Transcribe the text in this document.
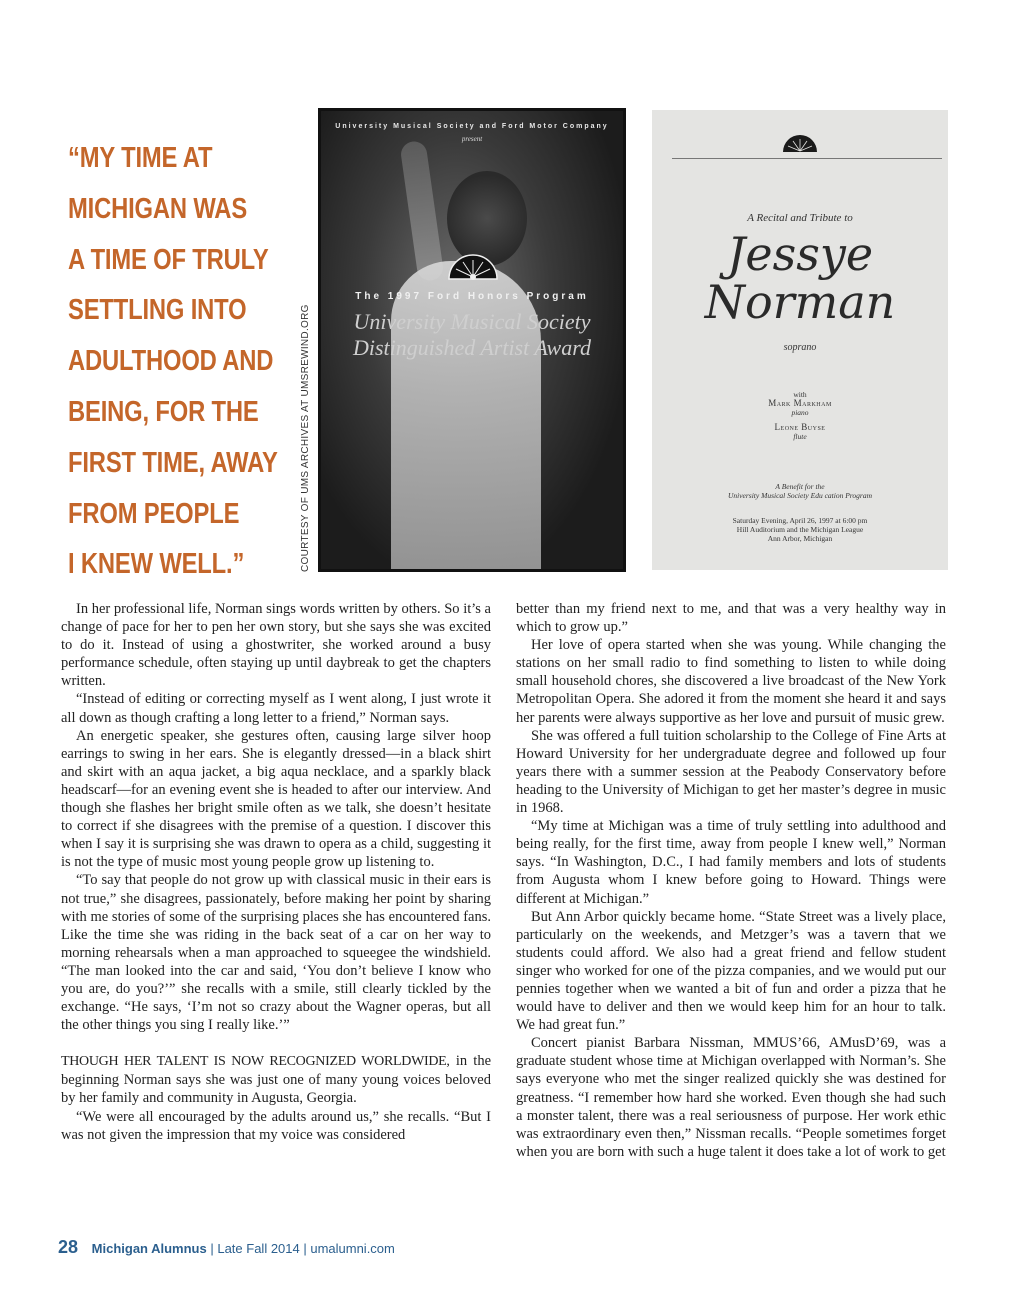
“MY TIME AT
MICHIGAN WAS
A TIME OF TRULY
SETTLING INTO
ADULTHOOD AND
BEING, FOR THE
FIRST TIME, AWAY
FROM PEOPLE
I KNEW WELL.”	COURTESY OF UMS ARCHIVES AT UMSREWIND.ORG
University Musical Society and Ford Motor Company
present
The 1997 Ford Honors Program
University Musical Society
Distinguished Artist Award
A Recital and Tribute to
Jessye
Norman
soprano
with
Mark Markham
piano
Leone Buyse
flute
A Benefit for the
University Musical Society Edu cation Program
Saturday Evening, April 26, 1997 at 6:00 pm
Hill Auditorium and the Michigan League
Ann Arbor, Michigan

In her professional life, Norman sings words written by others. So it’s a change of pace for her to pen her own story, but she says she was excited to do it. Instead of using a ghostwriter, she worked around a busy performance schedule, often staying up until daybreak to get the chapters written.

“Instead of editing or correcting myself as I went along, I just wrote it all down as though crafting a long letter to a friend,” Norman says.

An energetic speaker, she gestures often, causing large silver hoop earrings to swing in her ears. She is elegantly dressed—in a black shirt and skirt with an aqua jacket, a big aqua necklace, and a sparkly black headscarf—for an evening event she is headed to after our interview. And though she flashes her bright smile often as we talk, she doesn’t hesitate to correct if she disagrees with the premise of a question. I discover this when I say it is surprising she was drawn to opera as a child, suggesting it is not the type of music most young people grow up listening to.

“To say that people do not grow up with classical music in their ears is not true,” she disagrees, passionately, before making her point by sharing with me stories of some of the surprising places she has encountered fans. Like the time she was riding in the back seat of a car on her way to morning rehearsals when a man approached to squeegee the windshield. “The man looked into the car and said, ‘You don’t believe I know who you are, do you?’” she recalls with a smile, still clearly tickled by the exchange. “He says, ‘I’m not so crazy about the Wagner operas, but all the other things you sing I really like.’”

THOUGH HER TALENT IS NOW RECOGNIZED WORLDWIDE, in the beginning Norman says she was just one of many young voices beloved by her family and community in Augusta, Georgia.

“We were all encouraged by the adults around us,” she recalls. “But I was not given the impression that my voice was considered

better than my friend next to me, and that was a very healthy way in which to grow up.”

Her love of opera started when she was young. While changing the stations on her small radio to find something to listen to while doing small household chores, she discovered a live broadcast of the New York Metropolitan Opera. She adored it from the moment she heard it and says her parents were always supportive as her love and pursuit of music grew.

She was offered a full tuition scholarship to the College of Fine Arts at Howard University for her undergraduate degree and followed up four years there with a summer session at the Peabody Conservatory before heading to the University of Michigan to get her master’s degree in music in 1968.

“My time at Michigan was a time of truly settling into adulthood and being really, for the first time, away from people I knew well,” Norman says. “In Washington, D.C., I had family members and lots of students from Augusta whom I knew before going to Howard. Things were different at Michigan.”

But Ann Arbor quickly became home. “State Street was a lively place, particularly on the weekends, and Metzger’s was a tavern that we students could afford. We also had a great friend and fellow student singer who worked for one of the pizza companies, and we would put our pennies together when we wanted a bit of fun and order a pizza that he would have to deliver and then we would keep him for an hour to talk. We had great fun.”

Concert pianist Barbara Nissman, MMUS’66, AMusD’69, was a graduate student whose time at Michigan overlapped with Norman’s. She says everyone who met the singer realized quickly she was destined for greatness. “I remember how hard she worked. Even though she had such a monster talent, there was a real seriousness of purpose. Her work ethic was extraordinary even then,” Nissman recalls. “People sometimes forget when you are born with such a huge talent it does take a lot of work to get

28 Michigan Alumnus | Late Fall 2014 | umalumni.com
